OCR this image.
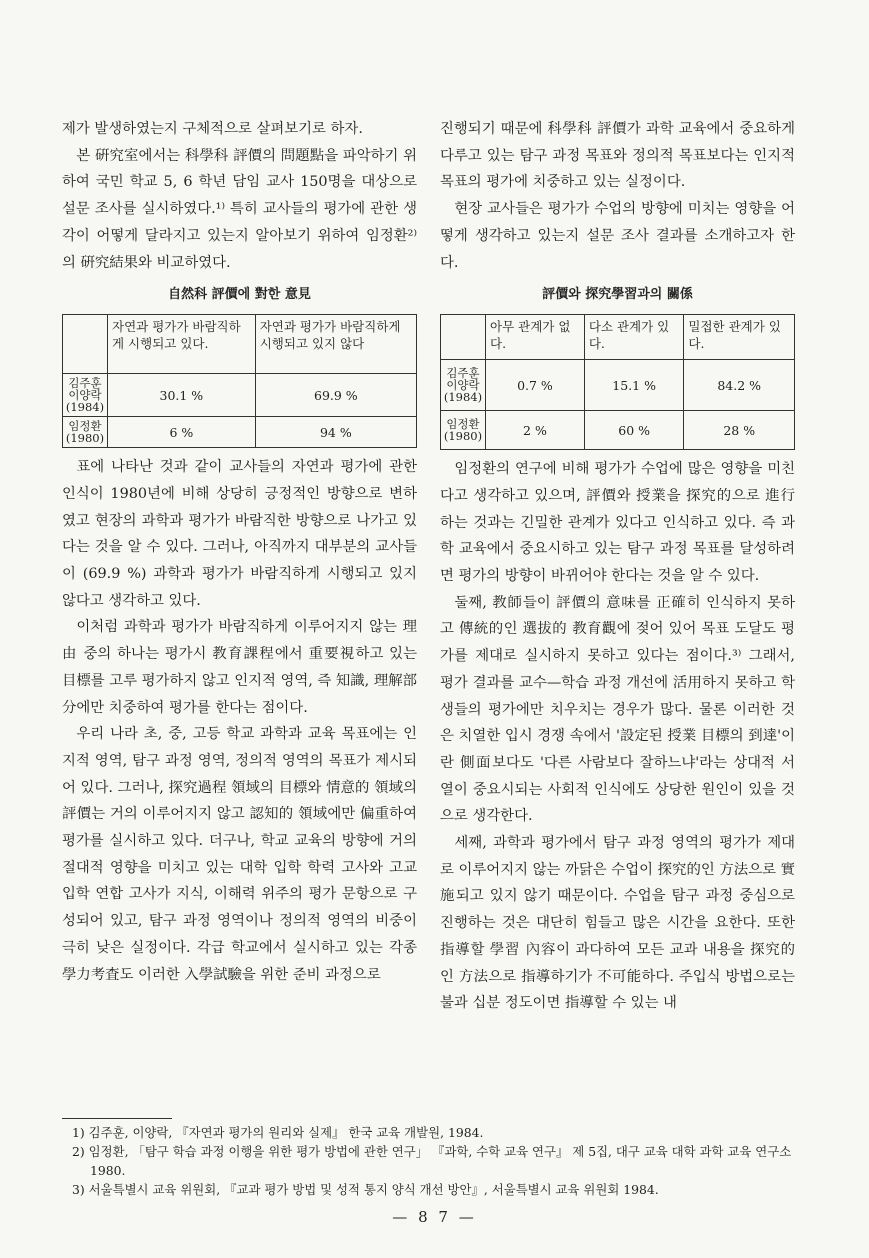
제가 발생하였는지 구체적으로 살펴보기로 하자.

본 硏究室에서는 科學科 評價의 問題點을 파악하기 위하여 국민 학교 5, 6 학년 담임 교사 150명을 대상으로 설문 조사를 실시하였다.¹⁾ 특히 교사들의 평가에 관한 생각이 어떻게 달라지고 있는지 알아보기 위하여 임정환²⁾의 硏究結果와 비교하였다.

自然科 評價에 對한 意見
	자연과 평가가 바람직하게 시행되고 있다.	자연과 평가가 바람직하게 시행되고 있지 않다
김주훈 이양락 (1984)	30.1 %	69.9 %
임정환 (1980)	6 %	94 %

표에 나타난 것과 같이 교사들의 자연과 평가에 관한 인식이 1980년에 비해 상당히 긍정적인 방향으로 변하였고 현장의 과학과 평가가 바람직한 방향으로 나가고 있다는 것을 알 수 있다. 그러나, 아직까지 대부분의 교사들이 (69.9 %) 과학과 평가가 바람직하게 시행되고 있지 않다고 생각하고 있다.

이처럼 과학과 평가가 바람직하게 이루어지지 않는 理由 중의 하나는 평가시 教育課程에서 重要視하고 있는 目標를 고루 평가하지 않고 인지적 영역, 즉 知識, 理解部分에만 치중하여 평가를 한다는 점이다.

우리 나라 초, 중, 고등 학교 과학과 교육 목표에는 인지적 영역, 탐구 과정 영역, 정의적 영역의 목표가 제시되어 있다. 그러나, 探究過程 領域의 目標와 情意的 領域의 評價는 거의 이루어지지 않고 認知的 領域에만 偏重하여 평가를 실시하고 있다. 더구나, 학교 교육의 방향에 거의 절대적 영향을 미치고 있는 대학 입학 학력 고사와 고교 입학 연합 고사가 지식, 이해력 위주의 평가 문항으로 구성되어 있고, 탐구 과정 영역이나 정의적 영역의 비중이 극히 낮은 실정이다. 각급 학교에서 실시하고 있는 각종 學力考査도 이러한 入學試驗을 위한 준비 과정으로

진행되기 때문에 科學科 評價가 과학 교육에서 중요하게 다루고 있는 탐구 과정 목표와 정의적 목표보다는 인지적 목표의 평가에 치중하고 있는 실정이다.

현장 교사들은 평가가 수업의 방향에 미치는 영향을 어떻게 생각하고 있는지 설문 조사 결과를 소개하고자 한다.

評價와 探究學習과의 關係
	아무 관계가 없다.	다소 관계가 있다.	밀접한 관계가 있다.
김주훈 이양락 (1984)	0.7 %	15.1 %	84.2 %
임정환 (1980)	2 %	60 %	28 %

임정환의 연구에 비해 평가가 수업에 많은 영향을 미친다고 생각하고 있으며, 評價와 授業을 探究的으로 進行하는 것과는 긴밀한 관계가 있다고 인식하고 있다. 즉 과학 교육에서 중요시하고 있는 탐구 과정 목표를 달성하려면 평가의 방향이 바뀌어야 한다는 것을 알 수 있다.

둘째, 教師들이 評價의 意味를 正確히 인식하지 못하고 傳統的인 選拔的 教育觀에 젖어 있어 목표 도달도 평가를 제대로 실시하지 못하고 있다는 점이다.³⁾ 그래서, 평가 결과를 교수—학습 과정 개선에 活用하지 못하고 학생들의 평가에만 치우치는 경우가 많다. 물론 이러한 것은 치열한 입시 경쟁 속에서 '設定된 授業 目標의 到達'이란 側面보다도 '다른 사람보다 잘하느냐'라는 상대적 서열이 중요시되는 사회적 인식에도 상당한 원인이 있을 것으로 생각한다.

세째, 과학과 평가에서 탐구 과정 영역의 평가가 제대로 이루어지지 않는 까닭은 수업이 探究的인 方法으로 實施되고 있지 않기 때문이다. 수업을 탐구 과정 중심으로 진행하는 것은 대단히 힘들고 많은 시간을 요한다. 또한 指導할 學習 內容이 과다하여 모든 교과 내용을 探究的인 方法으로 指導하기가 不可能하다. 주입식 방법으로는 불과 십분 정도이면 指導할 수 있는 내

1) 김주훈, 이양락, 『자연과 평가의 원리와 실제』 한국 교육 개발원, 1984.
2) 임정환, 「탐구 학습 과정 이행을 위한 평가 방법에 관한 연구」 『과학, 수학 교육 연구』 제 5집, 대구 교육 대학 과학 교육 연구소 1980.
3) 서울특별시 교육 위원회, 『교과 평가 방법 및 성적 통지 양식 개선 방안』, 서울특별시 교육 위원회 1984.
— 8 7 —
